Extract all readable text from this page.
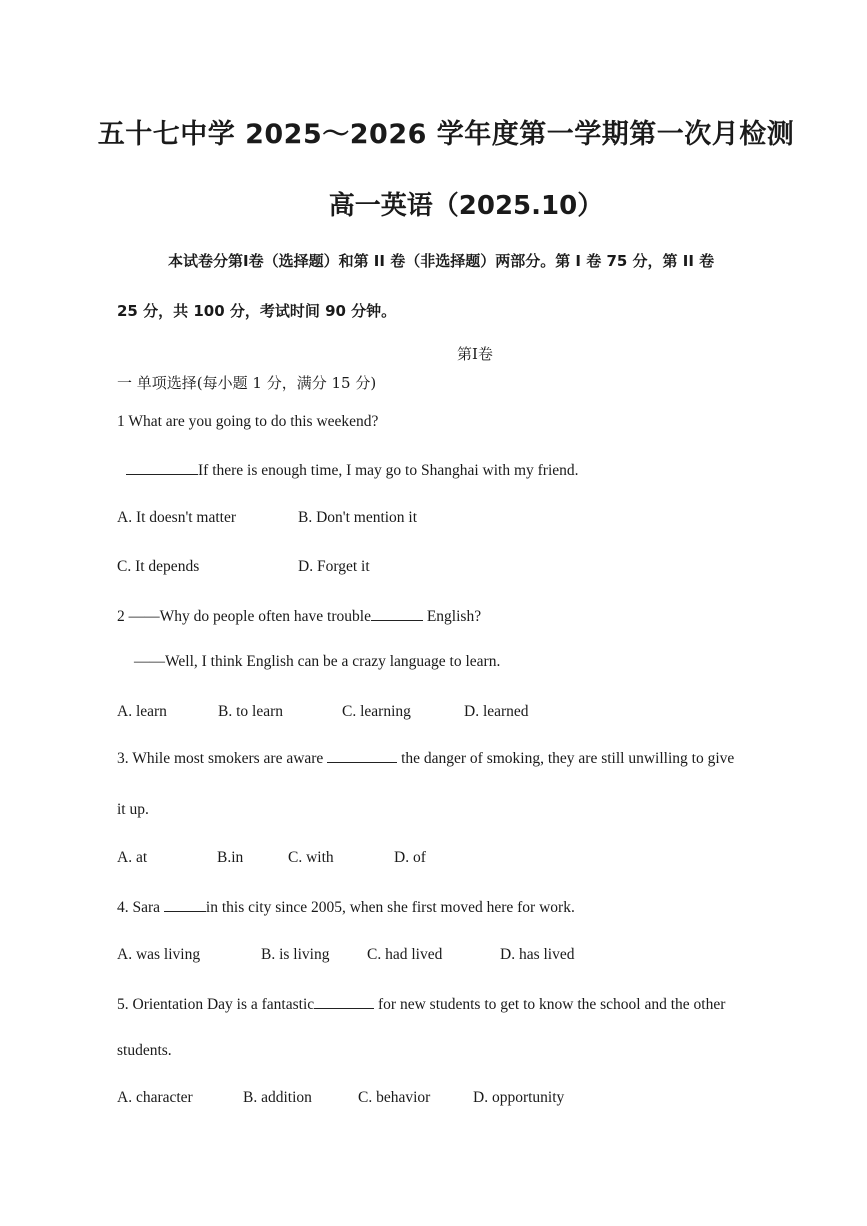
五十七中学 2025～2026 学年度第一学期第一次月检测
高一英语（2025.10）
本试卷分第Ⅰ卷（选择题）和第 II 卷（非选择题）两部分。第 I 卷 75 分，第 II 卷
25 分，共 100 分，考试时间 90 分钟。
第Ⅰ卷
一 单项选择(每小题 1 分，满分 15 分)
1 What are you going to do this weekend?
If there is enough time, I may go to Shanghai with my friend.
A. It doesn't matter	B. Don't mention it
C. It depends	D. Forget it
2 ——Why do people often have trouble	English?
——Well, I think English can be a crazy language to learn.
A. learn	B. to learn	C. learning	D. learned
3. While most smokers are aware	the danger of smoking, they are still unwilling to give
it up.
A. at	B.in	C. with	D. of
4. Sara	in this city since 2005, when she first moved here for work.
A. was living	B. is living C. had lived	D. has lived
5. Orientation Day is a fantastic	for new students to get to know the school and the other
students.
A. character	B. addition	C. behavior	D. opportunity
